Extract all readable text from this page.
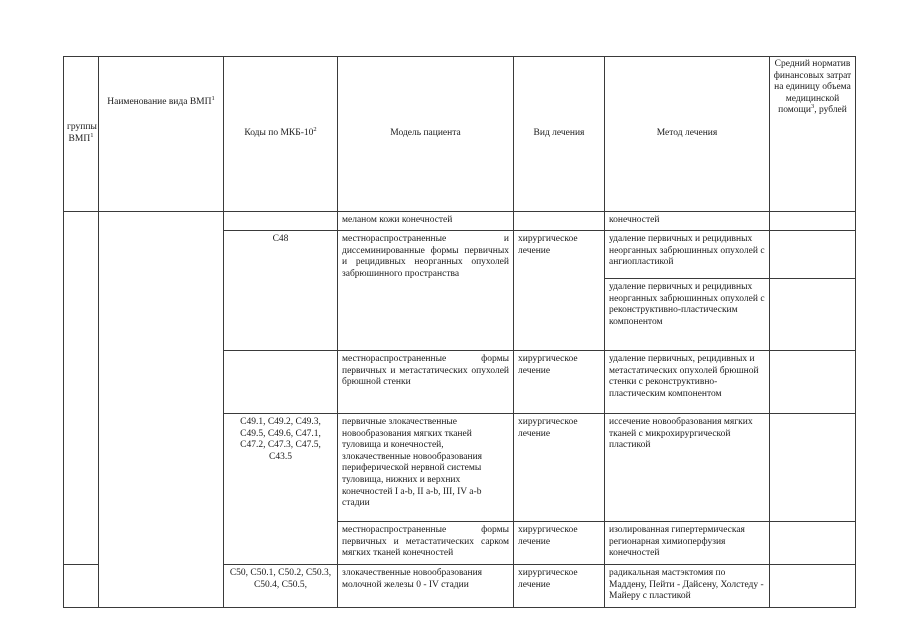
группы ВМП$^1$	Наименование вида ВМП$^1$	Коды по МКБ-$10^2$	Модель пациента	Вид лечения	Метод лечения	Средний норматив финансовых затрат на единицу объема медицинской помощи$^3$, рублей
			меланом кожи конечностей		конечностей	
		C48	местнораспространенные и диссеминированные формы первичных и рецидивных неорганных опухолей забрюшинного пространства	хирургическое лечение	удаление первичных и рецидивных неорганных забрюшинных опухолей с ангиопластикой	
					удаление первичных и рецидивных неорганных забрюшинных опухолей с реконструктивно-пластическим компонентом	
			местнораспространенные формы первичных и метастатических опухолей брюшной стенки	хирургическое лечение	удаление первичных, рецидивных и метастатических опухолей брюшной стенки с реконструктивно-пластическим компонентом	
		C49.1, C49.2, C49.3, C49.5, C49.6, C47.1, C47.2, C47.3, C47.5, C43.5	первичные злокачественные новообразования мягких тканей туловища и конечностей, злокачественные новообразования периферической нервной системы туловища, нижних и верхних конечностей I a-b, II a-b, III, IV a-b стадии	хирургическое лечение	иссечение новообразования мягких тканей с микрохирургической пластикой	
			местнораспространенные формы первичных и метастатических сарком мягких тканей конечностей	хирургическое лечение	изолированная гипертермическая регионарная химиоперфузия конечностей	
		C50, C50.1, C50.2, C50.3, C50.4, C50.5,	злокачественные новообразования молочной железы 0 - IV стадии	хирургическое лечение	радикальная мастэктомия по Маддену, Пейти - Дайсену, Холстеду - Майеру с пластикой	
